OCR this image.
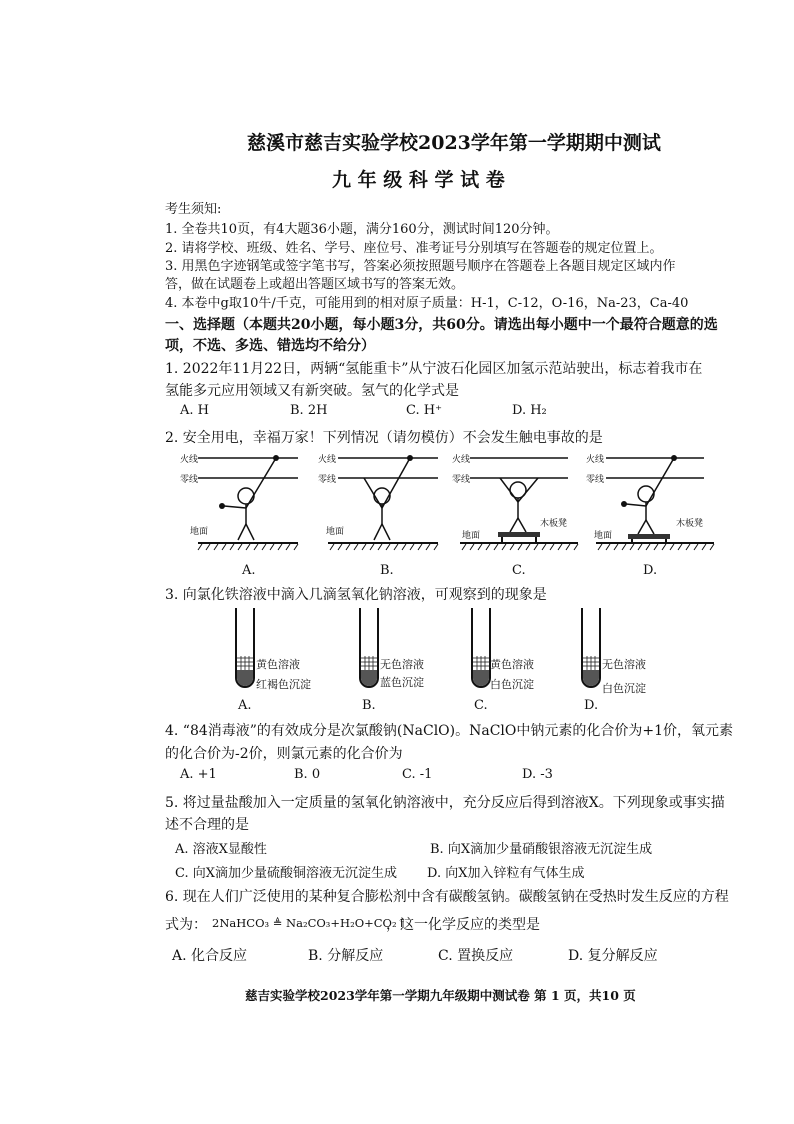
慈溪市慈吉实验学校2023学年第一学期期中测试
九 年 级 科 学 试 卷
考生须知:
1. 全卷共10页，有4大题36小题，满分160分，测试时间120分钟。
2. 请将学校、班级、姓名、学号、座位号、准考证号分别填写在答题卷的规定位置上。
3. 用黑色字迹钢笔或签字笔书写，答案必须按照题号顺序在答题卷上各题目规定区域内作
答，做在试题卷上或超出答题区域书写的答案无效。
4. 本卷中g取10牛/千克，可能用到的相对原子质量：H-1，C-12，O-16，Na-23，Ca-40
一、选择题（本题共20小题，每小题3分，共60分。请选出每小题中一个最符合题意的选
项，不选、多选、错选均不给分）
1. 2022年11月22日，两辆“氢能重卡”从宁波石化园区加氢示范站驶出，标志着我市在
氢能多元应用领域又有新突破。氢气的化学式是
A. H	B. 2H	C. H⁺	D. H₂
2. 安全用电，幸福万家！下列情况（请勿模仿）不会发生触电事故的是
火线
零线
地面
火线
零线
地面
火线
零线
地面
木板凳
火线
零线
地面
木板凳
A.	B.	C.	D.
3. 向氯化铁溶液中滴入几滴氢氧化钠溶液，可观察到的现象是
黄色溶液
红褐色沉淀
A.
无色溶液
蓝色沉淀
B.
黄色溶液
白色沉淀
C.
无色溶液
白色沉淀
D.
4. “84消毒液”的有效成分是次氯酸钠(NaClO)。NaClO中钠元素的化合价为+1价，氧元素
的化合价为-2价，则氯元素的化合价为
A. +1	B. 0	C. -1	D. -3
5. 将过量盐酸加入一定质量的氢氧化钠溶液中，充分反应后得到溶液X。下列现象或事实描
述不合理的是
A. 溶液X显酸性	B. 向X滴加少量硝酸银溶液无沉淀生成
C. 向X滴加少量硫酸铜溶液无沉淀生成 D. 向X加入锌粒有气体生成
6. 现在人们广泛使用的某种复合膨松剂中含有碳酸氢钠。碳酸氢钠在受热时发生反应的方程
式为： 2NaHCO₃ ≜ Na₂CO₃+H₂O+CO₂↑
，这一化学反应的类型是
A. 化合反应	B. 分解反应	C. 置换反应	D. 复分解反应
慈吉实验学校2023学年第一学期九年级期中测试卷 第 1 页，共10 页
